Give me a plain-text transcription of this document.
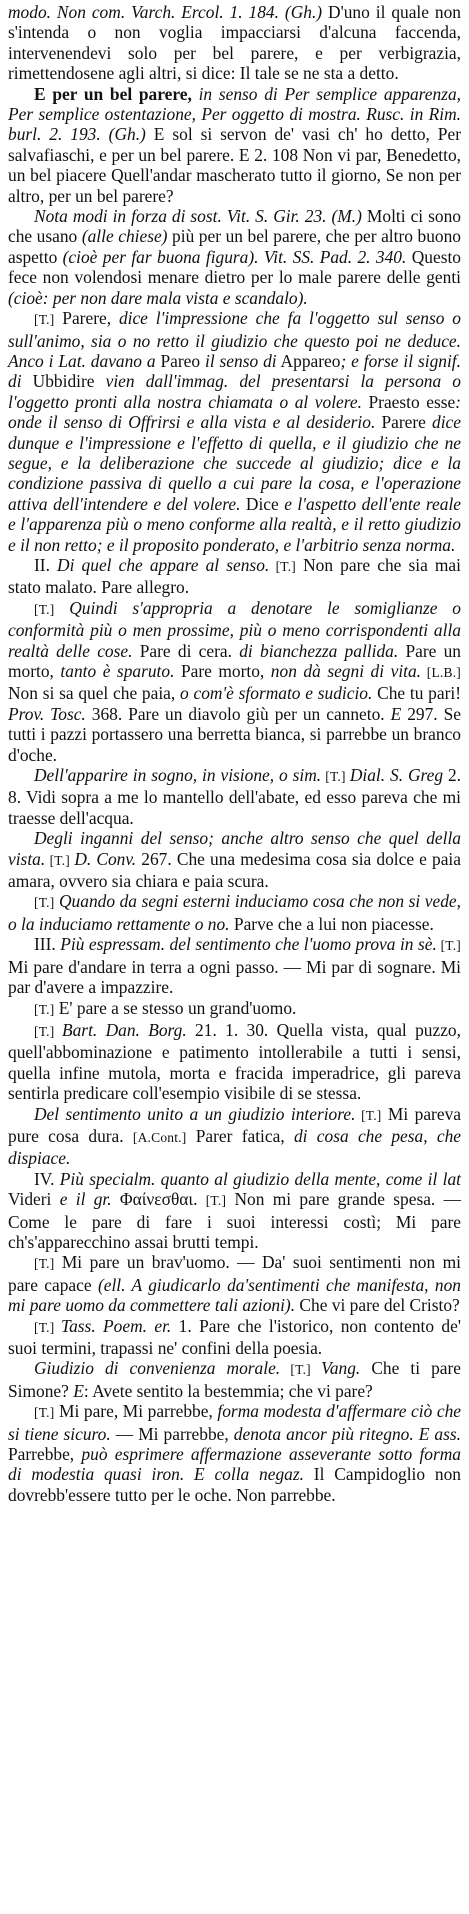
modo. Non com. Varch. Ercol. 1. 184. (Gh.) D'uno il quale non s'intenda o non voglia impacciarsi d'alcuna faccenda, intervenendevi solo per bel parere, e per verbigrazia, rimettendosene agli altri, si dice: Il tale se ne sta a detto.

E per un bel parere, in senso di Per semplice apparenza, Per semplice ostentazione, Per oggetto di mostra. Rusc. in Rim. burl. 2. 193. (Gh.) E sol si servon de' vasi ch' ho detto, Per salvafiaschi, e per un bel parere. E 2. 108 Non vi par, Benedetto, un bel piacere Quell'andar mascherato tutto il giorno, Se non per altro, per un bel parere?

Nota modi in forza di sost. Vit. S. Gir. 23. (M.) Molti ci sono che usano (alle chiese) più per un bel parere, che per altro buono aspetto (cioè per far buona figura). Vit. SS. Pad. 2. 340. Questo fece non volendosi menare dietro per lo male parere delle genti (cioè: per non dare mala vista e scandalo).

[T.] Parere, dice l'impressione che fa l'oggetto sul senso o sull'animo, sia o no retto il giudizio che questo poi ne deduce. Anco i Lat. davano a Pareo il senso di Appareo; e forse il signif. di Ubbidire vien dall'immag. del presentarsi la persona o l'oggetto pronti alla nostra chiamata o al volere. Praesto esse: onde il senso di Offrirsi e alla vista e al desiderio. Parere dice dunque e l'impressione e l'effetto di quella, e il giudizio che ne segue, e la deliberazione che succede al giudizio; dice e la condizione passiva di quello a cui pare la cosa, e l'operazione attiva dell'intendere e del volere. Dice e l'aspetto dell'ente reale e l'apparenza più o meno conforme alla realtà, e il retto giudizio e il non retto; e il proposito ponderato, e l'arbitrio senza norma.

II. Di quel che appare al senso. [T.] Non pare che sia mai stato malato. Pare allegro.

[T.] Quindi s'appropria a denotare le somiglianze o conformità più o men prossime, più o meno corrispondenti alla realtà delle cose. Pare di cera. di bianchezza pallida. Pare un morto, tanto è sparuto. Pare morto, non dà segni di vita. [L.B.] Non si sa quel che paia, o com'è sformato e sudicio. Che tu pari! Prov. Tosc. 368. Pare un diavolo giù per un canneto. E 297. Se tutti i pazzi portassero una berretta bianca, si parrebbe un branco d'oche.

Dell'apparire in sogno, in visione, o sim. [T.] Dial. S. Greg 2. 8. Vidi sopra a me lo mantello dell'abate, ed esso pareva che mi traesse dell'acqua.

Degli inganni del senso; anche altro senso che quel della vista. [T.] D. Conv. 267. Che una medesima cosa sia dolce e paia amara, ovvero sia chiara e paia scura.

[T.] Quando da segni esterni induciamo cosa che non si vede, o la induciamo rettamente o no. Parve che a lui non piacesse.

III. Più espressam. del sentimento che l'uomo prova in sè. [T.] Mi pare d'andare in terra a ogni passo. — Mi par di sognare. Mi par d'avere a impazzire.

[T.] E' pare a se stesso un grand'uomo.

[T.] Bart. Dan. Borg. 21. 1. 30. Quella vista, qual puzzo, quell'abbominazione e patimento intollerabile a tutti i sensi, quella infine mutola, morta e fracida imperadrice, gli pareva sentirla predicare coll'esempio visibile di se stessa.

Del sentimento unito a un giudizio interiore. [T.] Mi pareva pure cosa dura. [A.Cont.] Parer fatica, di cosa che pesa, che dispiace.

IV. Più specialm. quanto al giudizio della mente, come il lat Videri e il gr. Φαίνεσθαι. [T.] Non mi pare grande spesa. — Come le pare di fare i suoi interessi costì; Mi pare ch's'apparecchino assai brutti tempi.

[T.] Mi pare un brav'uomo. — Da' suoi sentimenti non mi pare capace (ell. A giudicarlo da'sentimenti che manifesta, non mi pare uomo da commettere tali azioni). Che vi pare del Cristo?

[T.] Tass. Poem. er. 1. Pare che l'istorico, non contento de' suoi termini, trapassi ne' confini della poesia.

Giudizio di convenienza morale. [T.] Vang. Che ti pare Simone? E: Avete sentito la bestemmia; che vi pare?

[T.] Mi pare, Mi parrebbe, forma modesta d'affermare ciò che si tiene sicuro. — Mi parrebbe, denota ancor più ritegno. E ass. Parrebbe, può esprimere affermazione asseverante sotto forma di modestia quasi iron. E colla negaz. Il Campidoglio non dovrebb'essere tutto per le oche. Non parrebbe.
